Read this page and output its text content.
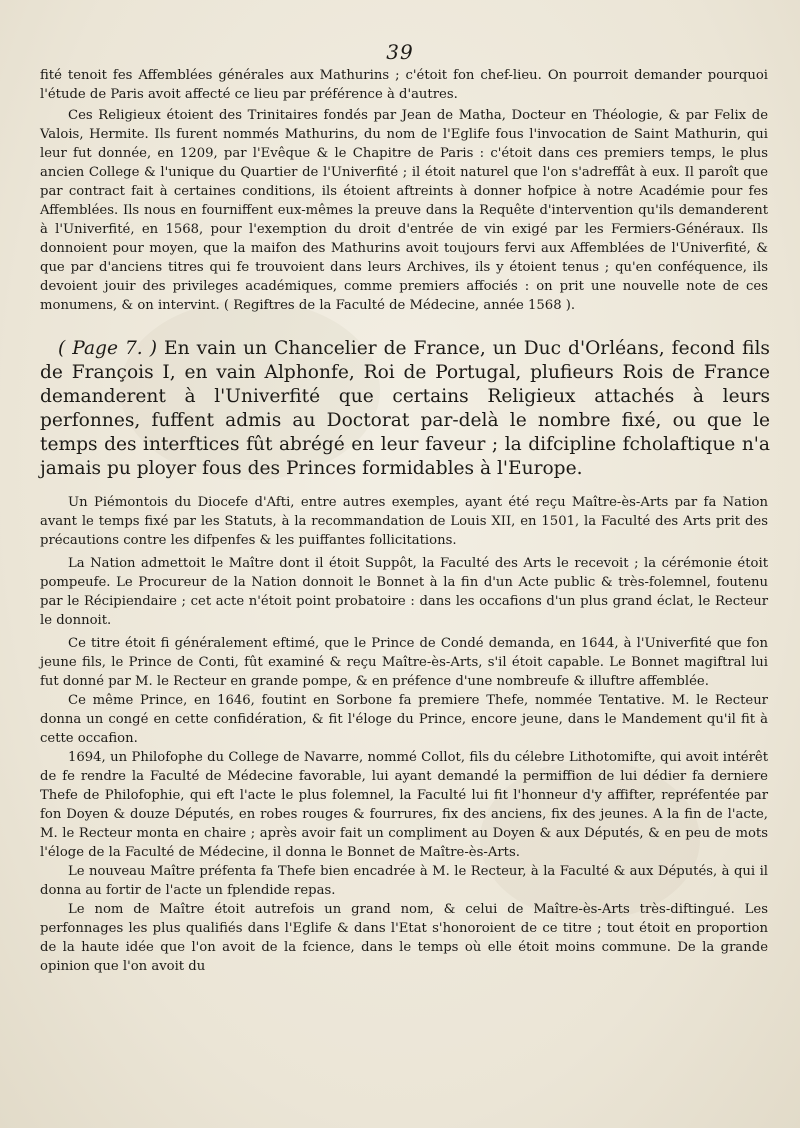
39

fité tenoit fes Affemblées générales aux Mathurins ; c'étoit fon chef-lieu. On pourroit demander pourquoi l'étude de Paris avoit affecté ce lieu par préférence à d'autres.

Ces Religieux étoient des Trinitaires fondés par Jean de Matha, Docteur en Théologie, & par Felix de Valois, Hermite. Ils furent nommés Mathurins, du nom de l'Eglife fous l'invocation de Saint Mathurin, qui leur fut donnée, en 1209, par l'Evêque & le Chapitre de Paris : c'étoit dans ces premiers temps, le plus ancien College & l'unique du Quartier de l'Univerfité ; il étoit naturel que l'on s'adreffât à eux. Il paroît que par contract fait à certaines conditions, ils étoient aftreints à donner hofpice à notre Académie pour fes Affemblées. Ils nous en fourniffent eux-mêmes la preuve dans la Requête d'intervention qu'ils demanderent à l'Univerfité, en 1568, pour l'exemption du droit d'entrée de vin exigé par les Fermiers-Généraux. Ils donnoient pour moyen, que la maifon des Mathurins avoit toujours fervi aux Affemblées de l'Univerfité, & que par d'anciens titres qui fe trouvoient dans leurs Archives, ils y étoient tenus ; qu'en conféquence, ils devoient jouir des privileges académiques, comme premiers affociés : on prit une nouvelle note de ces monumens, & on intervint. ( Regiftres de la Faculté de Médecine, année 1568 ).

( Page 7. ) En vain un Chancelier de France, un Duc d'Orléans, fecond fils de François I, en vain Alphonfe, Roi de Portugal, plufieurs Rois de France demanderent à l'Univerfité que certains Religieux attachés à leurs perfonnes, fuffent admis au Doctorat par-delà le nombre fixé, ou que le temps des interftices fût abrégé en leur faveur ; la difcipline fcholaftique n'a jamais pu ployer fous des Princes formidables à l'Europe.

Un Piémontois du Diocefe d'Afti, entre autres exemples, ayant été reçu Maître-ès-Arts par fa Nation avant le temps fixé par les Statuts, à la recommandation de Louis XII, en 1501, la Faculté des Arts prit des précautions contre les difpenfes & les puiffantes follicitations.

La Nation admettoit le Maître dont il étoit Suppôt, la Faculté des Arts le recevoit ; la cérémonie étoit pompeufe. Le Procureur de la Nation donnoit le Bonnet à la fin d'un Acte public & très-folemnel, foutenu par le Récipiendaire ; cet acte n'étoit point probatoire : dans les occafions d'un plus grand éclat, le Recteur le donnoit.

Ce titre étoit fi généralement eftimé, que le Prince de Condé demanda, en 1644, à l'Univerfité que fon jeune fils, le Prince de Conti, fût examiné & reçu Maître-ès-Arts, s'il étoit capable. Le Bonnet magiftral lui fut donné par M. le Recteur en grande pompe, & en préfence d'une nombreufe & illuftre affemblée.

Ce même Prince, en 1646, foutint en Sorbone fa premiere Thefe, nommée Tentative. M. le Recteur donna un congé en cette confidération, & fit l'éloge du Prince, encore jeune, dans le Mandement qu'il fit à cette occafion.

1694, un Philofophe du College de Navarre, nommé Collot, fils du célebre Lithotomifte, qui avoit intérêt de fe rendre la Faculté de Médecine favorable, lui ayant demandé la permiffion de lui dédier fa derniere Thefe de Philofophie, qui eft l'acte le plus folemnel, la Faculté lui fit l'honneur d'y affifter, repréfentée par fon Doyen & douze Députés, en robes rouges & fourrures, fix des anciens, fix des jeunes. A la fin de l'acte, M. le Recteur monta en chaire ; après avoir fait un compliment au Doyen & aux Députés, & en peu de mots l'éloge de la Faculté de Médecine, il donna le Bonnet de Maître-ès-Arts.

Le nouveau Maître préfenta fa Thefe bien encadrée à M. le Recteur, à la Faculté & aux Députés, à qui il donna au fortir de l'acte un fplendide repas.

Le nom de Maître étoit autrefois un grand nom, & celui de Maître-ès-Arts très-diftingué. Les perfonnages les plus qualifiés dans l'Eglife & dans l'Etat s'honoroient de ce titre ; tout étoit en proportion de la haute idée que l'on avoit de la fcience, dans le temps où elle étoit moins commune. De la grande opinion que l'on avoit du
